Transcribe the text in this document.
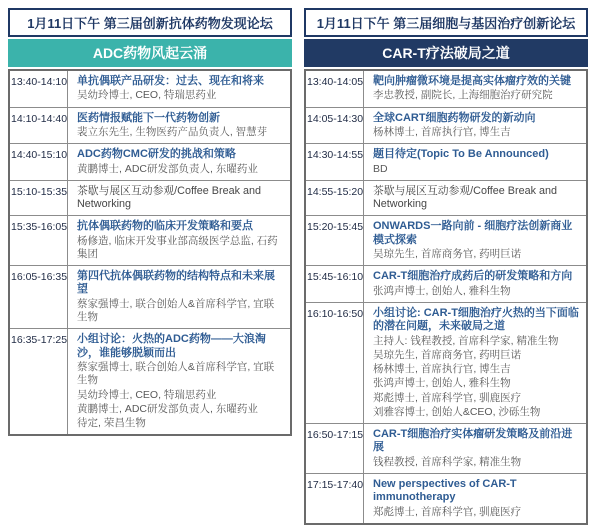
1月11日下午 第三届创新抗体药物发现论坛
ADC药物风起云涌
13:40-14:10 单抗偶联产品研发：过去、现在和将来
吴幼玲博士, CEO, 特瑞思药业
14:10-14:40 医药情报赋能下一代药物创新
裴立东先生, 生物医药产品负责人, 智慧芽
14:40-15:10 ADC药物CMC研发的挑战和策略
黄鹏博士, ADC研发部负责人, 东曜药业
15:10-15:35 茶歇与展区互动参观/Coffee Break and Networking
15:35-16:05 抗体偶联药物的临床开发策略和要点
杨修造, 临床开发事业部高级医学总监, 石药集团
16:05-16:35 第四代抗体偶联药物的结构特点和未来展望
蔡家强博士, 联合创始人&首席科学官, 宜联生物
16:35-17:25 小组讨论：火热的ADC药物——大浪淘沙，谁能够脱颖而出
蔡家强博士, 联合创始人&首席科学官, 宜联生物
吴幼玲博士, CEO, 特瑞思药业
黄鹏博士, ADC研发部负责人, 东曜药业
待定, 荣昌生物
1月11日下午 第三届细胞与基因治疗创新论坛
CAR-T疗法破局之道
13:40-14:05 靶向肿瘤微环境是提高实体瘤疗效的关键
李忠教授, 副院长, 上海细胞治疗研究院
14:05-14:30 全球CART细胞药物研发的新动向
杨林博士, 首席执行官, 博生吉
14:30-14:55 题目待定(Topic To Be Announced)
BD
14:55-15:20 茶歇与展区互动参观/Coffee Break and Networking
15:20-15:45 ONWARDS一路向前 - 细胞疗法创新商业模式探索
吴琼先生, 首席商务官, 药明巨诺
15:45-16:10 CAR-T细胞治疗成药后的研发策略和方向
张鸿声博士, 创始人, 雅科生物
16:10-16:50 小组讨论: CAR-T细胞治疗火热的当下面临的潜在问题，未来破局之道
主持人: 钱程教授, 首席科学家, 精准生物
吴琼先生, 首席商务官, 药明巨诺
杨林博士, 首席执行官, 博生吉
张鸿声博士, 创始人, 雅科生物
郑彪博士, 首席科学官, 驯鹿医疗
刘雅容博士, 创始人&CEO, 沙砾生物
16:50-17:15 CAR-T细胞治疗实体瘤研发策略及前沿进展
钱程教授, 首席科学家, 精准生物
17:15-17:40 New perspectives of CAR-T immunotherapy
郑彪博士, 首席科学官, 驯鹿医疗
